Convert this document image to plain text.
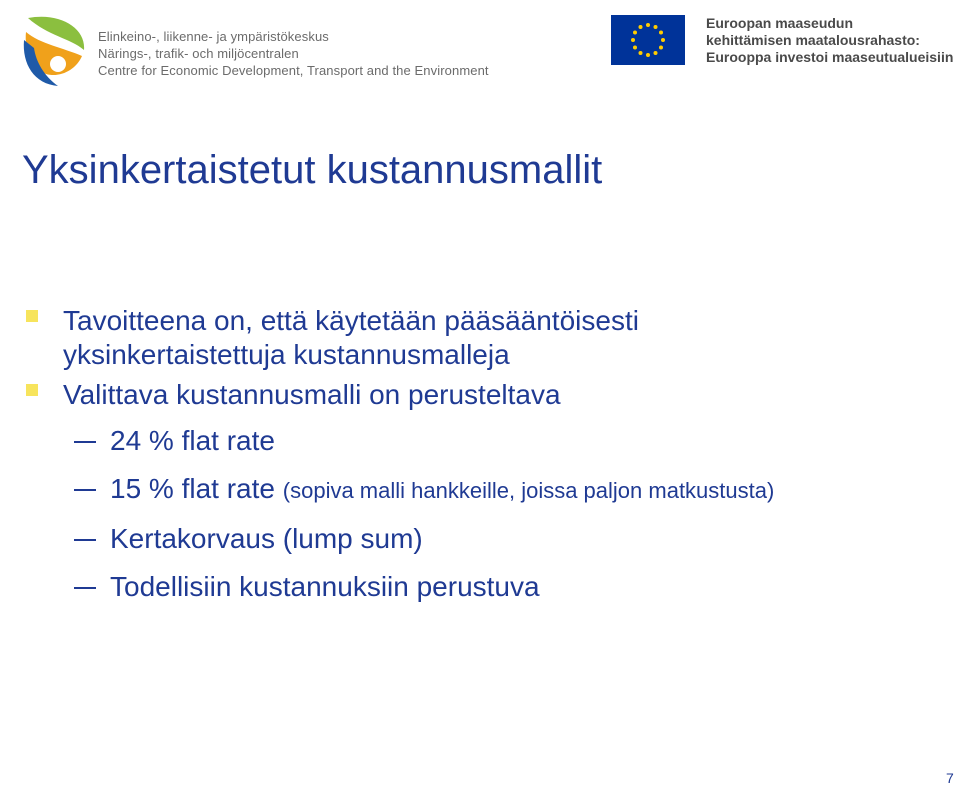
Elinkeino-, liikenne- ja ympäristökeskus
Närings-, trafik- och miljöcentralen
Centre for Economic Development, Transport and the Environment
Euroopan maaseudun
kehittämisen maatalousrahasto:
Eurooppa investoi maaseutualueisiin
Yksinkertaistetut kustannusmallit
Tavoitteena on, että käytetään pääsääntöisesti
yksinkertaistettuja kustannusmalleja
Valittava kustannusmalli on perusteltava
24 % flat rate
15 % flat rate (sopiva malli hankkeille, joissa paljon matkustusta)
Kertakorvaus (lump sum)
Todellisiin kustannuksiin perustuva
7
